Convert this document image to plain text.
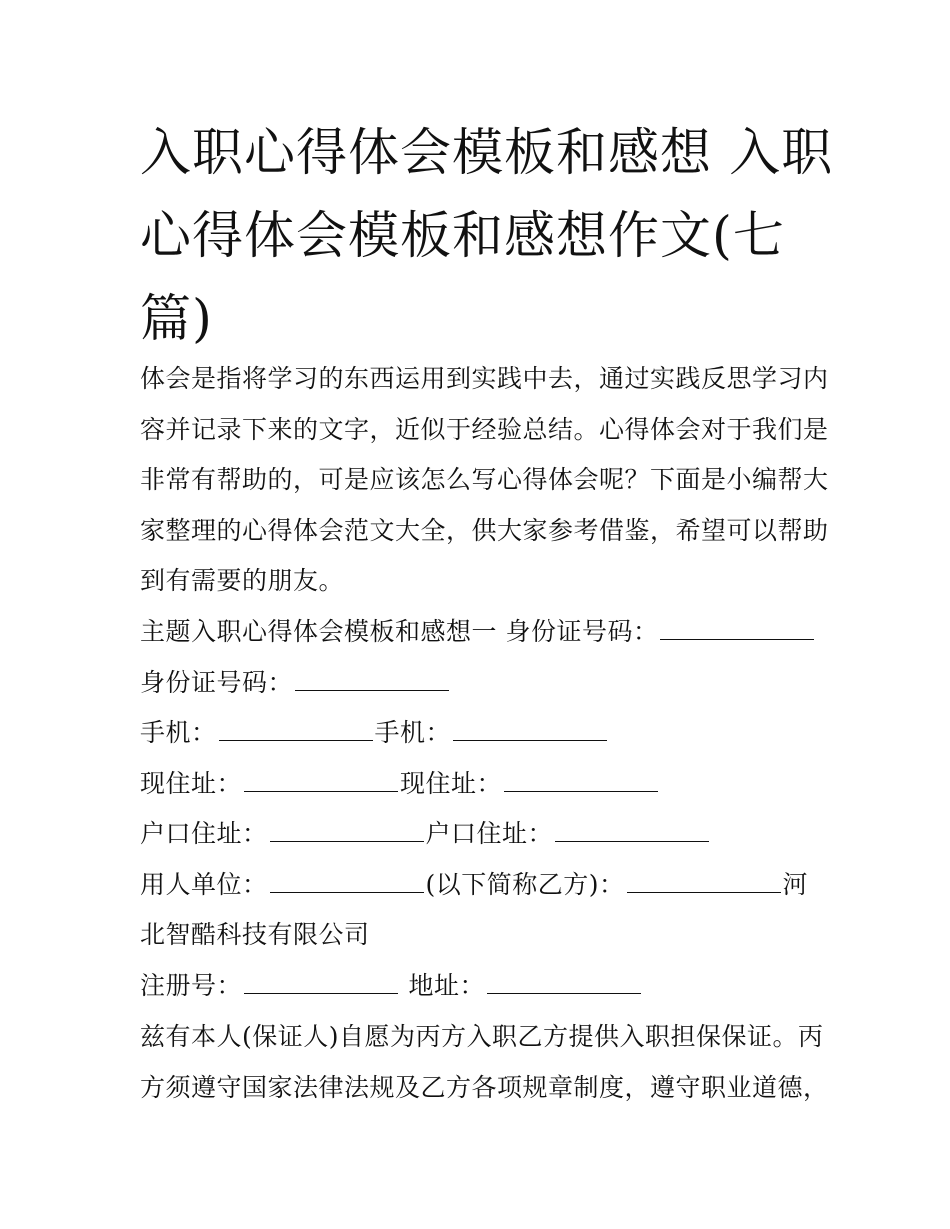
入职心得体会模板和感想 入职
心得体会模板和感想作文(七
篇)
体会是指将学习的东西运用到实践中去，通过实践反思学习内
容并记录下来的文字，近似于经验总结。心得体会对于我们是
非常有帮助的，可是应该怎么写心得体会呢？下面是小编帮大
家整理的心得体会范文大全，供大家参考借鉴，希望可以帮助
到有需要的朋友。
主题入职心得体会模板和感想一 身份证号码：
身份证号码：
手机：	手机：
现住址：	现住址：
户口住址：	户口住址：
用人单位：	(以下简称乙方)：	河
北智酷科技有限公司
注册号：	地址：
兹有本人(保证人)自愿为丙方入职乙方提供入职担保保证。丙
方须遵守国家法律法规及乙方各项规章制度，遵守职业道德，
